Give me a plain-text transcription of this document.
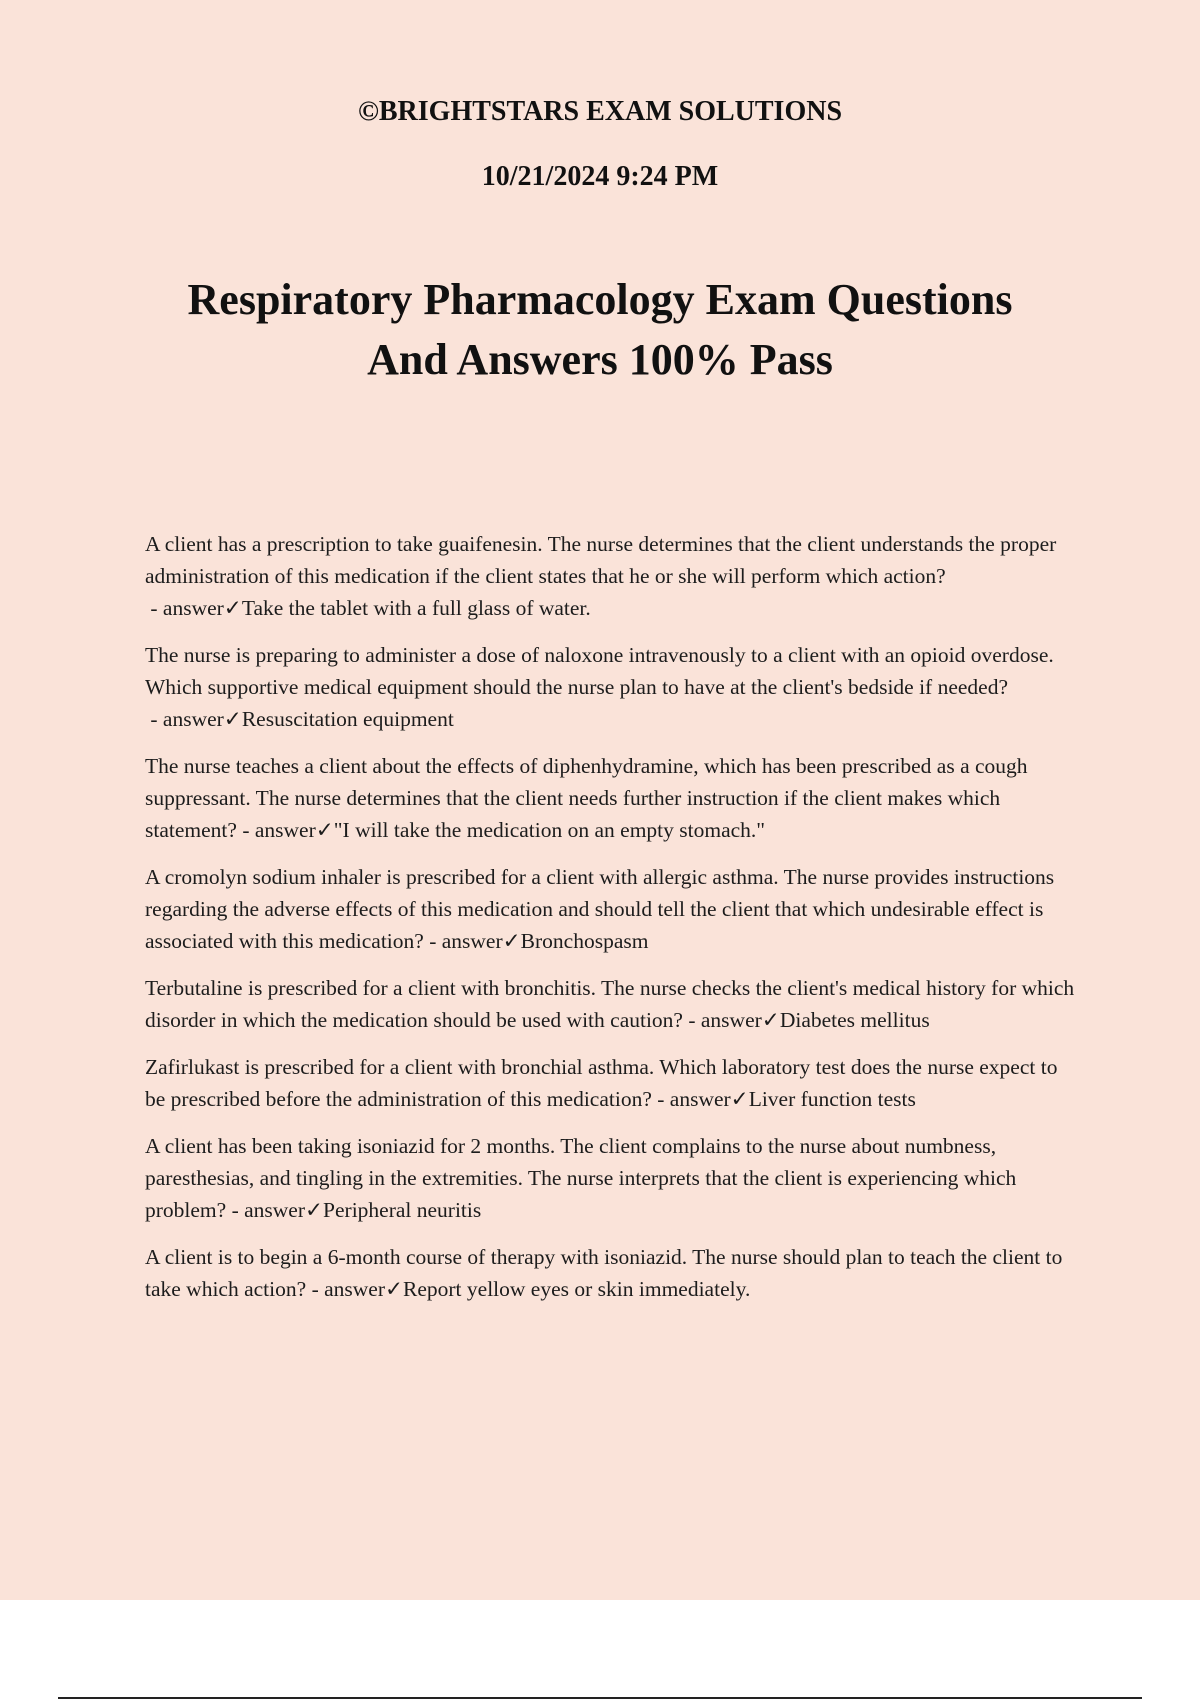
©BRIGHTSTARS EXAM SOLUTIONS
10/21/2024 9:24 PM
Respiratory Pharmacology Exam Questions
And Answers 100% Pass

A client has a prescription to take guaifenesin. The nurse determines that the client understands the proper administration of this medication if the client states that he or she will perform which action? - answer✓Take the tablet with a full glass of water.

The nurse is preparing to administer a dose of naloxone intravenously to a client with an opioid overdose. Which supportive medical equipment should the nurse plan to have at the client's bedside if needed? - answer✓Resuscitation equipment

The nurse teaches a client about the effects of diphenhydramine, which has been prescribed as a cough suppressant. The nurse determines that the client needs further instruction if the client makes which statement? - answer✓"I will take the medication on an empty stomach."

A cromolyn sodium inhaler is prescribed for a client with allergic asthma. The nurse provides instructions regarding the adverse effects of this medication and should tell the client that which undesirable effect is associated with this medication? - answer✓Bronchospasm

Terbutaline is prescribed for a client with bronchitis. The nurse checks the client's medical history for which disorder in which the medication should be used with caution? - answer✓Diabetes mellitus

Zafirlukast is prescribed for a client with bronchial asthma. Which laboratory test does the nurse expect to be prescribed before the administration of this medication? - answer✓Liver function tests

A client has been taking isoniazid for 2 months. The client complains to the nurse about numbness, paresthesias, and tingling in the extremities. The nurse interprets that the client is experiencing which problem? - answer✓Peripheral neuritis

A client is to begin a 6-month course of therapy with isoniazid. The nurse should plan to teach the client to take which action? - answer✓Report yellow eyes or skin immediately.
